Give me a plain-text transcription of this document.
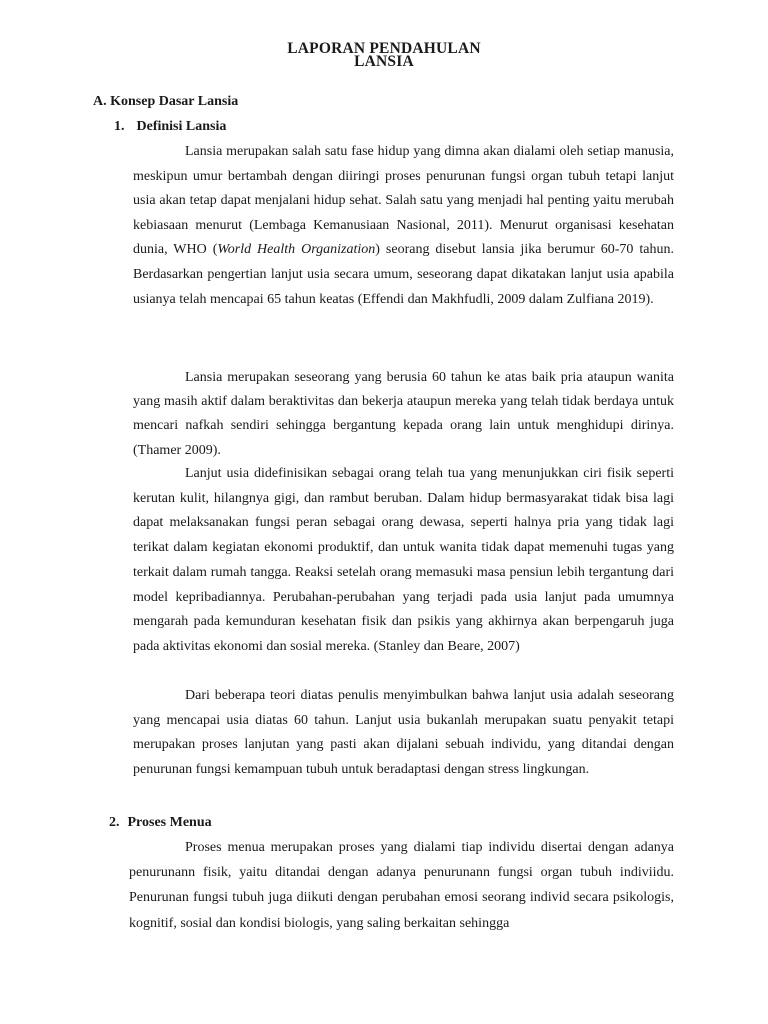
LAPORAN PENDAHULAN
LANSIA
A. Konsep Dasar Lansia
1. Definisi Lansia

Lansia merupakan salah satu fase hidup yang dimna akan dialami oleh setiap manusia, meskipun umur bertambah dengan diiringi proses penurunan fungsi organ tubuh tetapi lanjut usia akan tetap dapat menjalani hidup sehat. Salah satu yang menjadi hal penting yaitu merubah kebiasaan menurut (Lembaga Kemanusiaan Nasional, 2011). Menurut organisasi kesehatan dunia, WHO (World Health Organization) seorang disebut lansia jika berumur 60-70 tahun. Berdasarkan pengertian lanjut usia secara umum, seseorang dapat dikatakan lanjut usia apabila usianya telah mencapai 65 tahun keatas (Effendi dan Makhfudli, 2009 dalam Zulfiana 2019).

Lansia merupakan seseorang yang berusia 60 tahun ke atas baik pria ataupun wanita yang masih aktif dalam beraktivitas dan bekerja ataupun mereka yang telah tidak berdaya untuk mencari nafkah sendiri sehingga bergantung kepada orang lain untuk menghidupi dirinya. (Thamer 2009).

Lanjut usia didefinisikan sebagai orang telah tua yang menunjukkan ciri fisik seperti kerutan kulit, hilangnya gigi, dan rambut beruban. Dalam hidup bermasyarakat tidak bisa lagi dapat melaksanakan fungsi peran sebagai orang dewasa, seperti halnya pria yang tidak lagi terikat dalam kegiatan ekonomi produktif, dan untuk wanita tidak dapat memenuhi tugas yang terkait dalam rumah tangga. Reaksi setelah orang memasuki masa pensiun lebih tergantung dari model kepribadiannya. Perubahan-perubahan yang terjadi pada usia lanjut pada umumnya mengarah pada kemunduran kesehatan fisik dan psikis yang akhirnya akan berpengaruh juga pada aktivitas ekonomi dan sosial mereka. (Stanley dan Beare, 2007)

Dari beberapa teori diatas penulis menyimbulkan bahwa lanjut usia adalah seseorang yang mencapai usia diatas 60 tahun. Lanjut usia bukanlah merupakan suatu penyakit tetapi merupakan proses lanjutan yang pasti akan dijalani sebuah individu, yang ditandai dengan penurunan fungsi kemampuan tubuh untuk beradaptasi dengan stress lingkungan.

2. Proses Menua

Proses menua merupakan proses yang dialami tiap individu disertai dengan adanya penurunann fisik, yaitu ditandai dengan adanya penurunann fungsi organ tubuh indiviidu. Penurunan fungsi tubuh juga diikuti dengan perubahan emosi seorang individ secara psikologis, kognitif, sosial dan kondisi biologis, yang saling berkaitan sehingga
